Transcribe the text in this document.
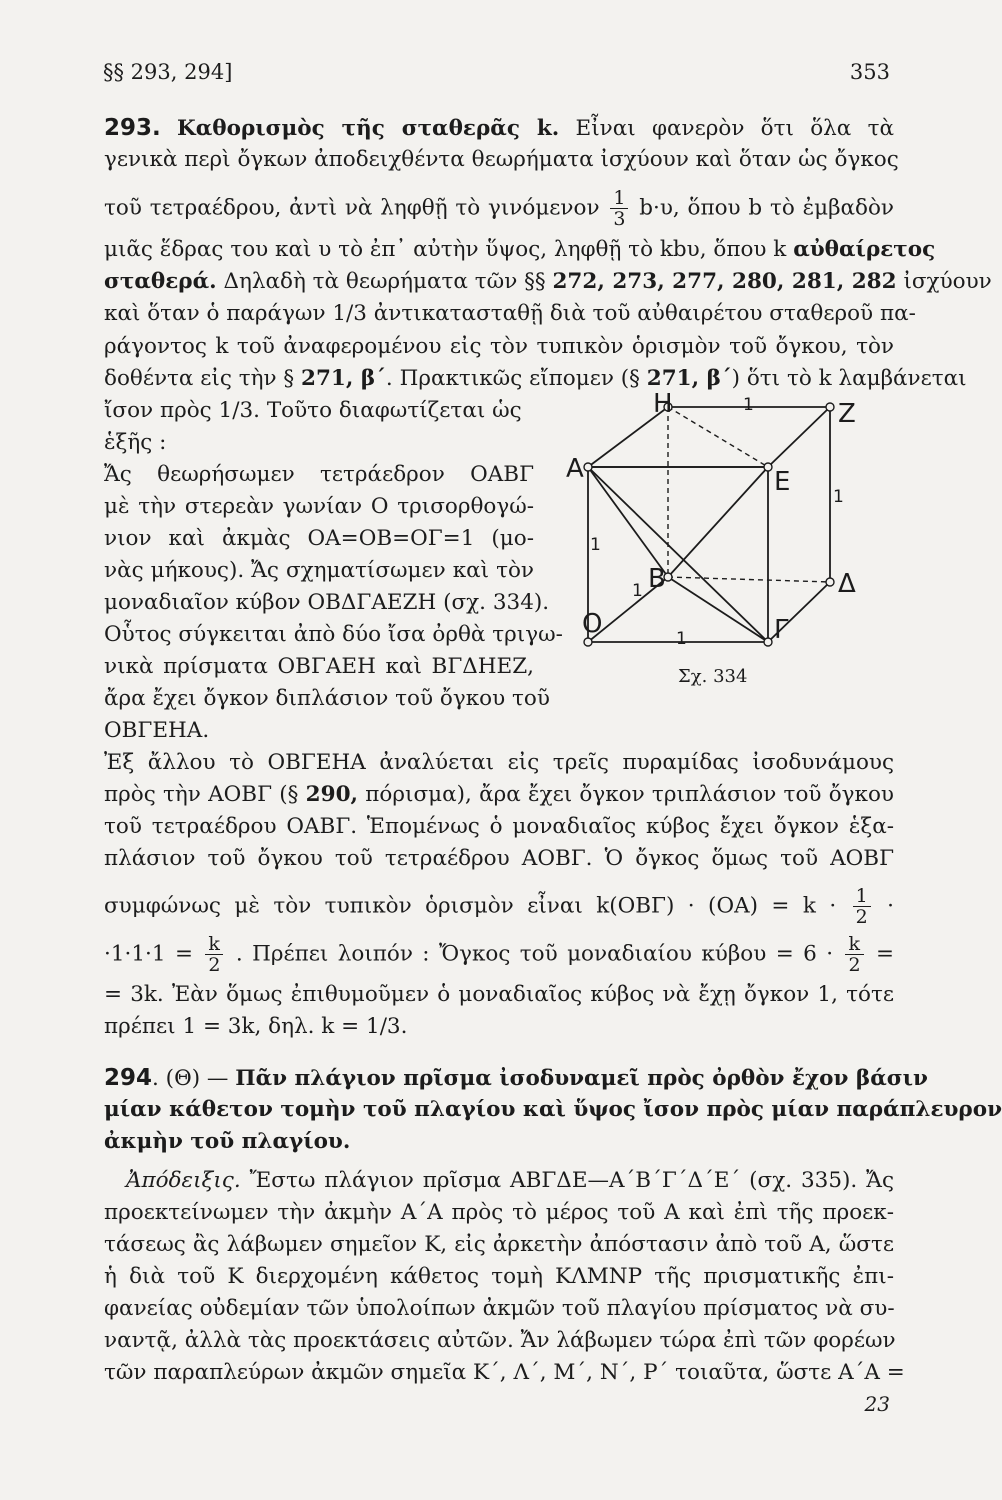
§§ 293, 294]	353
293. Καθορισμὸς τῆς σταθερᾶς k. Εἶναι φανερὸν ὅτι ὅλα τὰ
γενικὰ περὶ ὄγκων ἀποδειχθέντα θεωρήματα ἰσχύουν καὶ ὅταν ὡς ὄγκος
τοῦ τετραέδρου, ἀντὶ νὰ ληφθῇ τὸ γινόμενον $\frac{1}{3} b\cdot\upsilon$, ὅπου b τὸ ἐμβαδὸν
μιᾶς ἕδρας του καὶ υ τὸ ἐπ᾿ αὐτὴν ὕψος, ληφθῇ τὸ kbυ, ὅπου k αὐθαίρετος
σταθερά. Δηλαδὴ τὰ θεωρήματα τῶν §§ 272, 273, 277, 280, 281, 282 ἰσχύουν
καὶ ὅταν ὁ παράγων 1/3 ἀντικατασταθῇ διὰ τοῦ αὐθαιρέτου σταθεροῦ πα-
ράγοντος k τοῦ ἀναφερομένου εἰς τὸν τυπικὸν ὁρισμὸν τοῦ ὄγκου, τὸν
δοθέντα εἰς τὴν § 271, β΄. Πρακτικῶς εἴπομεν (§ 271, β΄) ὅτι τὸ k λαμβάνεται
ἴσον πρὸς 1/3. Τοῦτο διαφωτίζεται ὡς
ἑξῆς :
Ἄς θεωρήσωμεν τετράεδρον ΟΑΒΓ
μὲ τὴν στερεὰν γωνίαν Ο τρισορθογώ-
νιον καὶ ἀκμὰς ΟΑ=ΟΒ=ΟΓ=1 (μο-
νὰς μήκους). Ἄς σχηματίσωμεν καὶ τὸν
μοναδιαῖον κύβον ΟΒΔΓΑΕΖΗ (σχ. 334).
Οὗτος σύγκειται ἀπὸ δύο ἴσα ὀρθὰ τριγω-
νικὰ πρίσματα ΟΒΓΑΕΗ καὶ ΒΓΔΗΕΖ,
ἄρα ἔχει ὄγκον διπλάσιον τοῦ ὄγκου τοῦ
ΟΒΓΕΗΑ.
Ἐξ ἄλλου τὸ ΟΒΓΕΗΑ ἀναλύεται εἰς τρεῖς πυραμίδας ἰσοδυνάμους
πρὸς τὴν ΑΟΒΓ (§ 290, πόρισμα), ἄρα ἔχει ὄγκον τριπλάσιον τοῦ ὄγκου
τοῦ τετραέδρου ΟΑΒΓ. Ἑπομένως ὁ μοναδιαῖος κύβος ἔχει ὄγκον ἑξα-
πλάσιον τοῦ ὄγκου τοῦ τετραέδρου ΑΟΒΓ. Ὁ ὄγκος ὅμως τοῦ ΑΟΒΓ
συμφώνως μὲ τὸν τυπικὸν ὁρισμὸν εἶναι $k(OB\Gamma) \cdot (OA) = k \cdot \frac{1}{2}$ ·
$\cdot 1\cdot 1\cdot 1 = \frac{k}{2}$ . Πρέπει λοιπόν : Ὄγκος τοῦ μοναδιαίου $\kappa ύ\beta o\upsilon = 6 \cdot \frac{k}{2}$ =
= 3k. Ἐὰν ὅμως ἐπιθυμοῦμεν ὁ μοναδιαῖος κύβος νὰ ἔχῃ ὄγκον 1, τότε
πρέπει 1 = 3k, δηλ. k = 1/3.
294. (Θ) — Πᾶν πλάγιον πρῖσμα ἰσοδυναμεῖ πρὸς ὀρθὸν ἔχον βάσιν
μίαν κάθετον τομὴν τοῦ πλαγίου καὶ ὕψος ἴσον πρὸς μίαν παράπλευρον
ἀκμὴν τοῦ πλαγίου.
Ἀπόδειξις. Ἔστω πλάγιον πρῖσμα ΑΒΓΔΕ—Α΄Β΄Γ΄Δ΄Ε΄ (σχ. 335). Ἄς
προεκτείνωμεν τὴν ἀκμὴν Α΄Α πρὸς τὸ μέρος τοῦ Α καὶ ἐπὶ τῆς προεκ-
τάσεως ἂς λάβωμεν σημεῖον Κ, εἰς ἀρκετὴν ἀπόστασιν ἀπὸ τοῦ Α, ὥστε
ἡ διὰ τοῦ Κ διερχομένη κάθετος τομὴ ΚΛΜΝΡ τῆς πρισματικῆς ἐπι-
φανείας οὐδεμίαν τῶν ὑπολοίπων ἀκμῶν τοῦ πλαγίου πρίσματος νὰ συ-
ναντᾷ, ἀλλὰ τὰς προεκτάσεις αὐτῶν. Ἄν λάβωμεν τώρα ἐπὶ τῶν φορέων
τῶν παραπλεύρων ἀκμῶν σημεῖα Κ΄, Λ΄, Μ΄, Ν΄, Ρ΄ τοιαῦτα, ὥστε Α΄Α =
23
Η	Z
Α	Ε
Β	Δ
Ο	Γ
1
1
1
1
1
Σχ. 334
